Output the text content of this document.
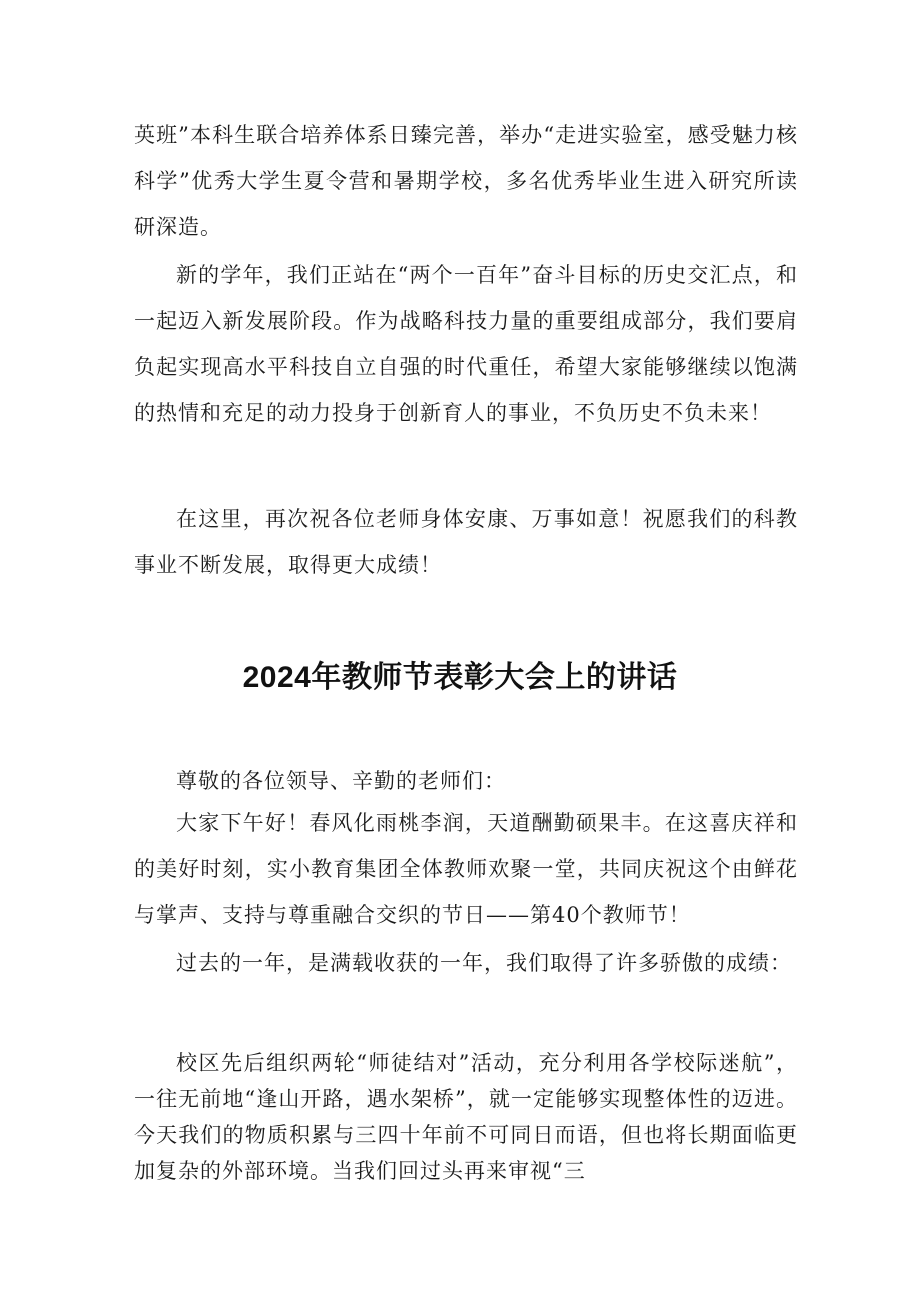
英班”本科生联合培养体系日臻完善，举办“走进实验室，感受魅力核科学”优秀大学生夏令营和暑期学校，多名优秀毕业生进入研究所读研深造。

新的学年，我们正站在“两个一百年”奋斗目标的历史交汇点，和一起迈入新发展阶段。作为战略科技力量的重要组成部分，我们要肩负起实现高水平科技自立自强的时代重任，希望大家能够继续以饱满的热情和充足的动力投身于创新育人的事业，不负历史不负未来！

在这里，再次祝各位老师身体安康、万事如意！祝愿我们的科教事业不断发展，取得更大成绩！

2024年教师节表彰大会上的讲话

尊敬的各位领导、辛勤的老师们：

大家下午好！春风化雨桃李润，天道酬勤硕果丰。在这喜庆祥和的美好时刻，实小教育集团全体教师欢聚一堂，共同庆祝这个由鲜花与掌声、支持与尊重融合交织的节日——第40个教师节！

过去的一年，是满载收获的一年，我们取得了许多骄傲的成绩：

校区先后组织两轮“师徒结对”活动，充分利用各学校际迷航”，一往无前地“逢山开路，遇水架桥”，就一定能够实现整体性的迈进。今天我们的物质积累与三四十年前不可同日而语，但也将长期面临更加复杂的外部环境。当我们回过头再来审视“三
